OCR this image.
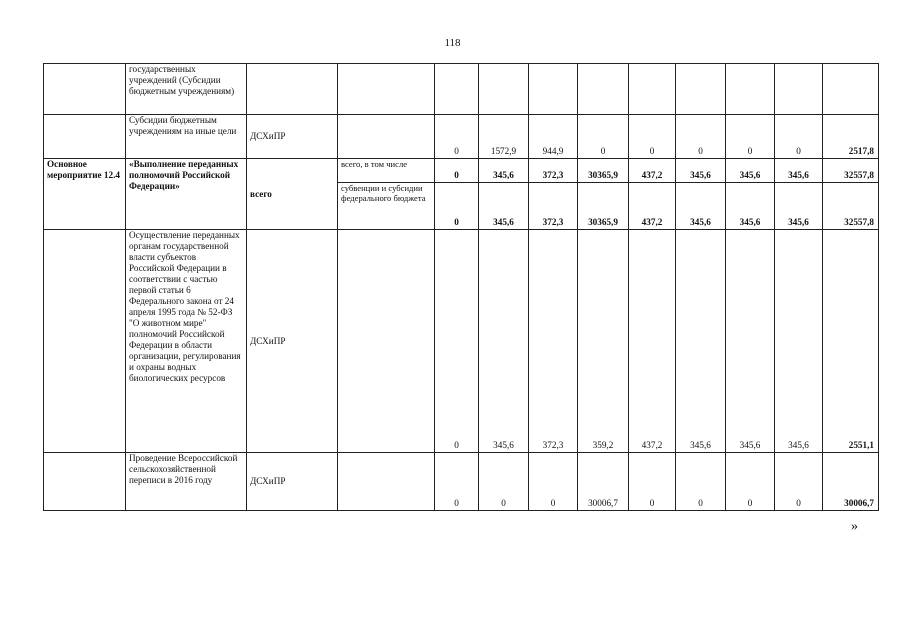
118
	государственных учреждений (Субсидии бюджетным учреждениям)											
	Субсидии бюджетным учреждениям на иные цели	ДСХиПР		0	1572,9	944,9	0	0	0	0	0	2517,8
Основное мероприятие 12.4	«Выполнение переданных полномочий Российской Федерации»	всего	всего, в том числе	0	345,6	372,3	30365,9	437,2	345,6	345,6	345,6	32557,8
			субвенции и субсидии федерального бюджета	0	345,6	372,3	30365,9	437,2	345,6	345,6	345,6	32557,8
	Осуществление переданных органам государственной власти субъектов Российской Федерации в соответствии с частью первой статьи 6 Федерального закона от 24 апреля 1995 года № 52-ФЗ "О животном мире" полномочий Российской Федерации в области организации, регулирования и охраны водных биологических ресурсов	ДСХиПР		0	345,6	372,3	359,2	437,2	345,6	345,6	345,6	2551,1
	Проведение Всероссийской сельскохозяйственной переписи в 2016 году	ДСХиПР		0	0	0	30006,7	0	0	0	0	30006,7
»
